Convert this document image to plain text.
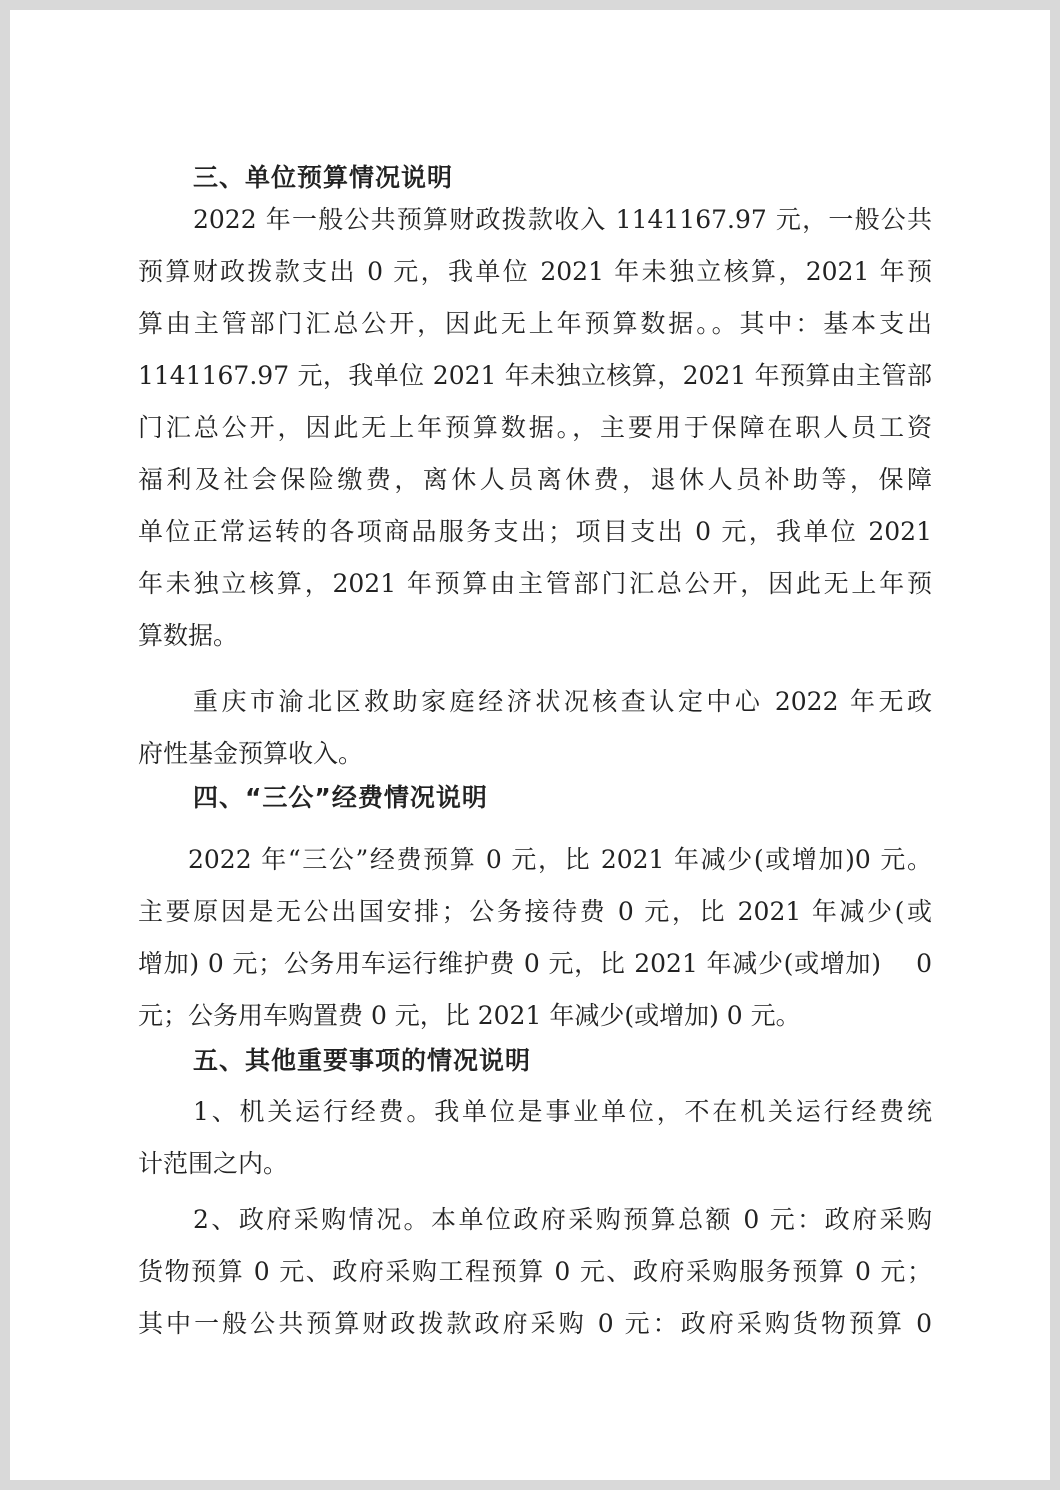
三、单位预算情况说明
2022 年一般公共预算财政拨款收入 1141167.97 元，一般公共
预算财政拨款支出 0 元，我单位 2021 年未独立核算，2021 年预
算由主管部门汇总公开，因此无上年预算数据。。其中：基本支出
1141167.97 元，我单位 2021 年未独立核算，2021 年预算由主管部
门汇总公开，因此无上年预算数据。，主要用于保障在职人员工资
福利及社会保险缴费，离休人员离休费，退休人员补助等，保障
单位正常运转的各项商品服务支出；项目支出 0 元，我单位 2021
年未独立核算，2021 年预算由主管部门汇总公开，因此无上年预
算数据。
重庆市渝北区救助家庭经济状况核查认定中心 2022 年无政
府性基金预算收入。
四、“三公”经费情况说明
2022 年“三公”经费预算 0 元，比 2021 年减少(或增加)0 元。
主要原因是无公出国安排；公务接待费 0 元，比 2021 年减少(或
增加) 0 元；公务用车运行维护费 0 元，比 2021 年减少(或增加)　 0
元；公务用车购置费 0 元，比 2021 年减少(或增加) 0 元。
五、其他重要事项的情况说明
1、机关运行经费。我单位是事业单位，不在机关运行经费统
计范围之内。
2、政府采购情况。本单位政府采购预算总额 0 元：政府采购
货物预算 0 元、政府采购工程预算 0 元、政府采购服务预算 0 元；
其中一般公共预算财政拨款政府采购 0 元：政府采购货物预算 0
